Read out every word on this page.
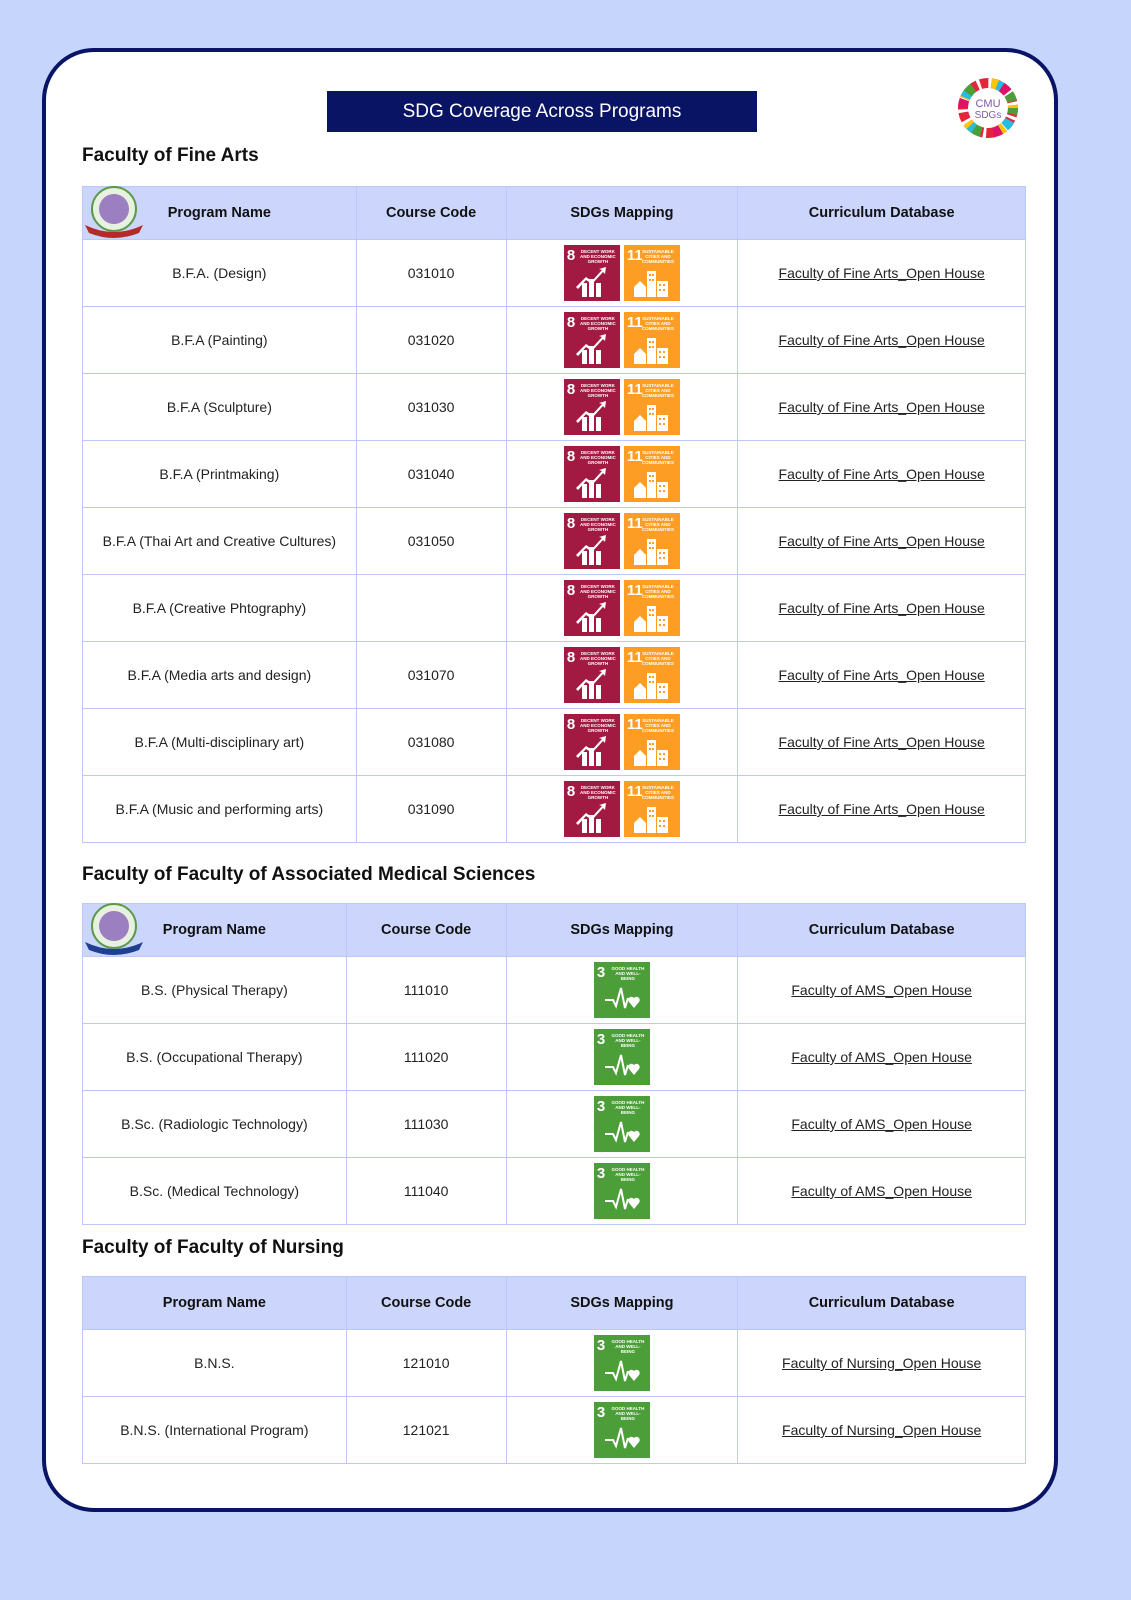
SDG Coverage Across Programs	CMU
SDGs
Faculty of Fine Arts
Program Name	Course Code	SDGs Mapping	Curriculum Database
B.F.A. (Design)	031010	8 DECENT WORK AND ECONOMIC GROWTH 11 SUSTAINABLE CITIES AND COMMUNITIES	Faculty of Fine Arts_Open House
B.F.A (Painting)	031020	8 DECENT WORK AND ECONOMIC GROWTH 11 SUSTAINABLE CITIES AND COMMUNITIES	Faculty of Fine Arts_Open House
B.F.A (Sculpture)	031030	8 DECENT WORK AND ECONOMIC GROWTH 11 SUSTAINABLE CITIES AND COMMUNITIES	Faculty of Fine Arts_Open House
B.F.A (Printmaking)	031040	8 DECENT WORK AND ECONOMIC GROWTH 11 SUSTAINABLE CITIES AND COMMUNITIES	Faculty of Fine Arts_Open House
B.F.A (Thai Art and Creative Cultures)	031050	8 DECENT WORK AND ECONOMIC GROWTH 11 SUSTAINABLE CITIES AND COMMUNITIES	Faculty of Fine Arts_Open House
B.F.A (Creative Phtography)		8 DECENT WORK AND ECONOMIC GROWTH 11 SUSTAINABLE CITIES AND COMMUNITIES	Faculty of Fine Arts_Open House
B.F.A (Media arts and design)	031070	8 DECENT WORK AND ECONOMIC GROWTH 11 SUSTAINABLE CITIES AND COMMUNITIES	Faculty of Fine Arts_Open House
B.F.A (Multi-disciplinary art)	031080	8 DECENT WORK AND ECONOMIC GROWTH 11 SUSTAINABLE CITIES AND COMMUNITIES	Faculty of Fine Arts_Open House
B.F.A (Music and performing arts)	031090	8 DECENT WORK AND ECONOMIC GROWTH 11 SUSTAINABLE CITIES AND COMMUNITIES	Faculty of Fine Arts_Open House
Faculty of Faculty of Associated Medical Sciences
Program Name	Course Code	SDGs Mapping	Curriculum Database
B.S. (Physical Therapy)	111010	3 GOOD HEALTH AND WELL-BEING	Faculty of AMS_Open House
B.S. (Occupational Therapy)	111020	3 GOOD HEALTH AND WELL-BEING	Faculty of AMS_Open House
B.Sc. (Radiologic Technology)	111030	3 GOOD HEALTH AND WELL-BEING	Faculty of AMS_Open House
B.Sc. (Medical Technology)	111040	3 GOOD HEALTH AND WELL-BEING	Faculty of AMS_Open House
Faculty of Faculty of Nursing
Program Name	Course Code	SDGs Mapping	Curriculum Database
B.N.S.	121010	3 GOOD HEALTH AND WELL-BEING	Faculty of Nursing_Open House
B.N.S. (International Program)	121021	3 GOOD HEALTH AND WELL-BEING	Faculty of Nursing_Open House
